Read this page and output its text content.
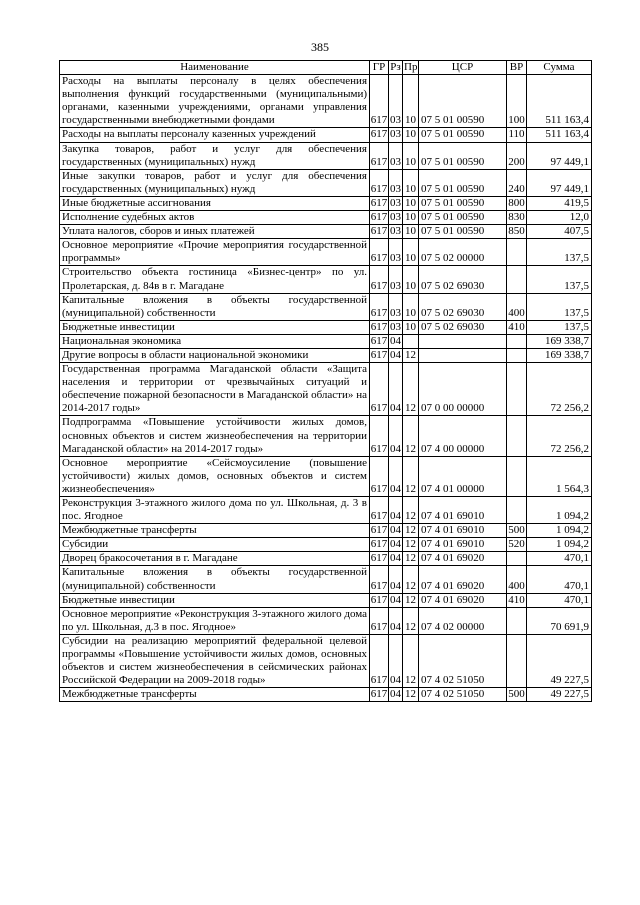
385
Наименование	ГР	Рз	Пр	ЦСР	ВР	Сумма
Расходы на выплаты персоналу в целях обеспечения выполнения функций государственными (муниципальными) органами, казенными учреждениями, органами управления государственными внебюджетными фондами	617	03	10	07 5 01 00590	100	511 163,4
Расходы на выплаты персоналу казенных учреждений	617	03	10	07 5 01 00590	110	511 163,4
Закупка товаров, работ и услуг для обеспечения государственных (муниципальных) нужд	617	03	10	07 5 01 00590	200	97 449,1
Иные закупки товаров, работ и услуг для обеспечения государственных (муниципальных) нужд	617	03	10	07 5 01 00590	240	97 449,1
Иные бюджетные ассигнования	617	03	10	07 5 01 00590	800	419,5
Исполнение судебных актов	617	03	10	07 5 01 00590	830	12,0
Уплата налогов, сборов и иных платежей	617	03	10	07 5 01 00590	850	407,5
Основное мероприятие «Прочие мероприятия государственной программы»	617	03	10	07 5 02 00000		137,5
Строительство объекта гостиница «Бизнес-центр» по ул. Пролетарская, д. 84в в г. Магадане	617	03	10	07 5 02 69030		137,5
Капитальные вложения в объекты государственной (муниципальной) собственности	617	03	10	07 5 02 69030	400	137,5
Бюджетные инвестиции	617	03	10	07 5 02 69030	410	137,5
Национальная экономика	617	04				169 338,7
Другие вопросы в области национальной экономики	617	04	12			169 338,7
Государственная программа Магаданской области «Защита населения и территории от чрезвычайных ситуаций и обеспечение пожарной безопасности в Магаданской области» на 2014-2017 годы»	617	04	12	07 0 00 00000		72 256,2
Подпрограмма «Повышение устойчивости жилых домов, основных объектов и систем жизнеобеспечения на территории Магаданской области» на 2014-2017 годы»	617	04	12	07 4 00 00000		72 256,2
Основное мероприятие «Сейсмоусиление (повышение устойчивости) жилых домов, основных объектов и систем жизнеобеспечения»	617	04	12	07 4 01 00000		1 564,3
Реконструкция 3-этажного жилого дома по ул. Школьная, д. 3 в пос. Ягодное	617	04	12	07 4 01 69010		1 094,2
Межбюджетные трансферты	617	04	12	07 4 01 69010	500	1 094,2
Субсидии	617	04	12	07 4 01 69010	520	1 094,2
Дворец бракосочетания в г. Магадане	617	04	12	07 4 01 69020		470,1
Капитальные вложения в объекты государственной (муниципальной) собственности	617	04	12	07 4 01 69020	400	470,1
Бюджетные инвестиции	617	04	12	07 4 01 69020	410	470,1
Основное мероприятие «Реконструкция 3-этажного жилого дома по ул. Школьная, д.3 в пос. Ягодное»	617	04	12	07 4 02 00000		70 691,9
Субсидии на реализацию мероприятий федеральной целевой программы «Повышение устойчивости жилых домов, основных объектов и систем жизнеобеспечения в сейсмических районах Российской Федерации на 2009-2018 годы»	617	04	12	07 4 02 51050		49 227,5
Межбюджетные трансферты	617	04	12	07 4 02 51050	500	49 227,5
